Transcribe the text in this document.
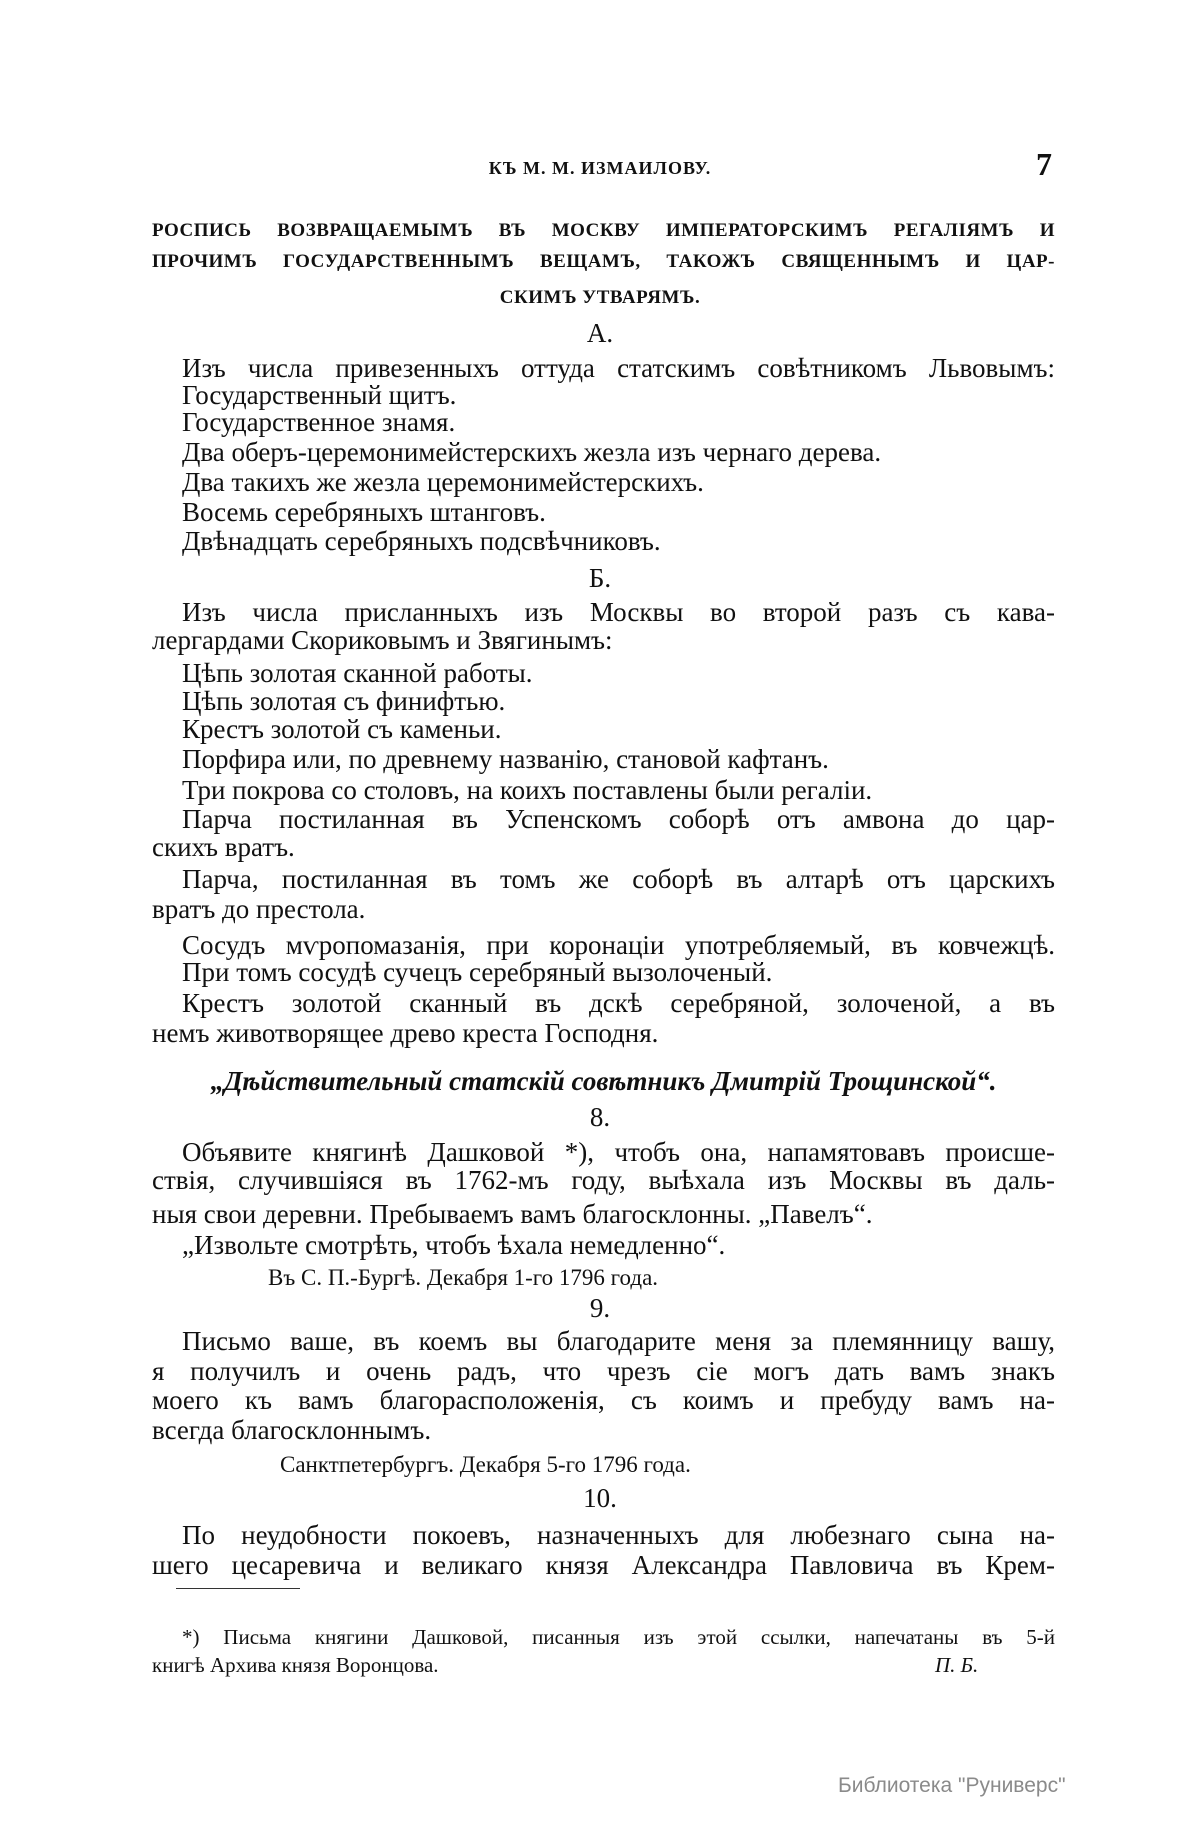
КЪ М. М. ИЗМАИЛОВУ.	7
РОСПИСЬ ВОЗВРАЩАЕМЫМЪ ВЪ МОСКВУ ИМПЕРАТОРСКИМЪ РЕГАЛІЯМЪ И
ПРОЧИМЪ ГОСУДАРСТВЕННЫМЪ ВЕЩАМЪ, ТАКОЖЪ СВЯЩЕННЫМЪ И ЦАР-
СКИМЪ УТВАРЯМЪ.
А.
Изъ числа привезенныхъ оттуда статскимъ совѣтникомъ Львовымъ:
Государственный щитъ.
Государственное знамя.
Два оберъ-церемонимейстерскихъ жезла изъ чернаго дерева.
Два такихъ же жезла церемонимейстерскихъ.
Восемь серебряныхъ штанговъ.
Двѣнадцать серебряныхъ подсвѣчниковъ.
Б.
Изъ числа присланныхъ изъ Москвы во второй разъ съ кава-
лергардами Скориковымъ и Звягинымъ:
Цѣпь золотая сканной работы.
Цѣпь золотая съ финифтью.
Крестъ золотой съ каменьи.
Порфира или, по древнему названію, становой кафтанъ.
Три покрова со столовъ, на коихъ поставлены были регаліи.
Парча постиланная въ Успенскомъ соборѣ отъ амвона до цар-
скихъ вратъ.
Парча, постиланная въ томъ же соборѣ въ алтарѣ отъ царскихъ
вратъ до престола.
Сосудъ мѵропомазанія, при коронаціи употребляемый, въ ковчежцѣ.
При томъ сосудѣ сучецъ серебряный вызолоченый.
Крестъ золотой сканный въ дскѣ серебряной, золоченой, а въ
немъ животворящее древо креста Господня.
„Дѣйствительный статскій совѣтникъ Дмитрій Трощинской“.
8.
Объявите княгинѣ Дашковой *), чтобъ она, напамятовавъ происше-
ствія, случившіяся въ 1762-мъ году, выѣхала изъ Москвы въ даль-
ныя свои деревни. Пребываемъ вамъ благосклонны. „Павелъ“.
„Извольте смотрѣть, чтобъ ѣхала немедленно“.
Въ С. П.-Бургѣ. Декабря 1-го 1796 года.
9.
Письмо ваше, въ коемъ вы благодарите меня за племянницу вашу,
я получилъ и очень радъ, что чрезъ сіе могъ дать вамъ знакъ
моего къ вамъ благорасположенія, съ коимъ и пребуду вамъ на-
всегда благосклоннымъ.
Санктпетербургъ. Декабря 5-го 1796 года.
10.
По неудобности покоевъ, назначенныхъ для любезнаго сына на-
шего цесаревича и великаго князя Александра Павловича въ Крем-
*) Письма княгини Дашковой, писанныя изъ этой ссылки, напечатаны въ 5-й
книгѣ Архива князя Воронцова.	П. Б.
Библиотека "Руниверс"
